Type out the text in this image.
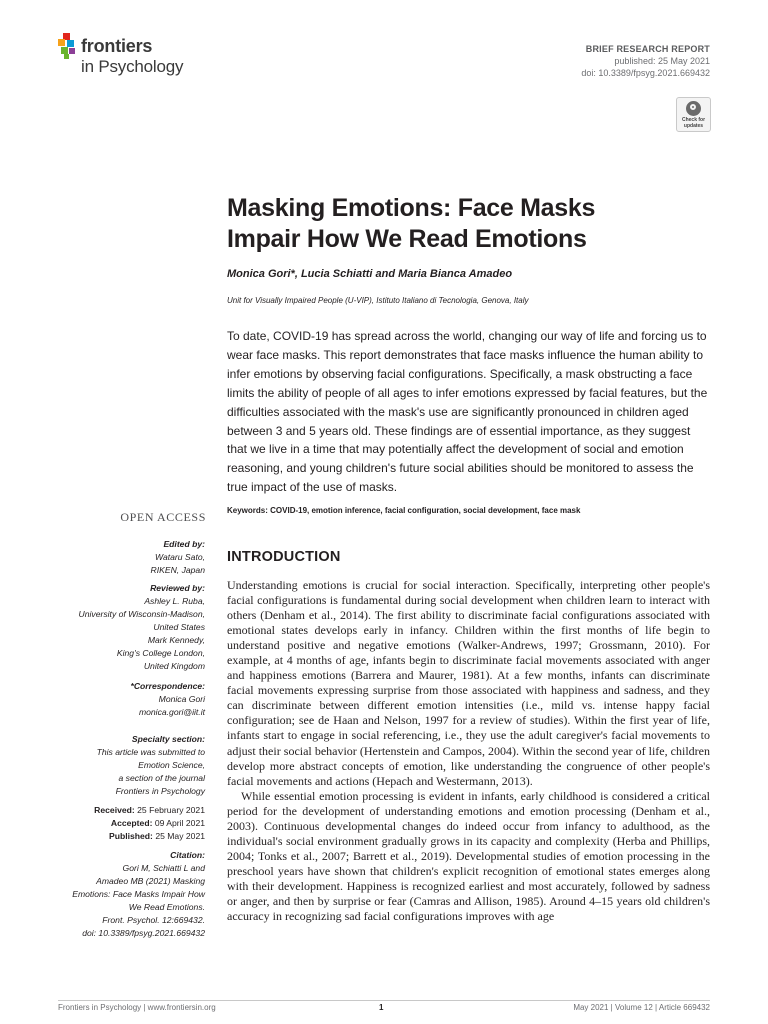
frontiers
in Psychology
BRIEF RESEARCH REPORT
published: 25 May 2021
doi: 10.3389/fpsyg.2021.669432
Check for updates
Masking Emotions: Face Masks
Impair How We Read Emotions
Monica Gori*, Lucia Schiatti and Maria Bianca Amadeo
Unit for Visually Impaired People (U-VIP), Istituto Italiano di Tecnologia, Genova, Italy
To date, COVID-19 has spread across the world, changing our way of life and forcing us to wear face masks. This report demonstrates that face masks influence the human ability to infer emotions by observing facial configurations. Specifically, a mask obstructing a face limits the ability of people of all ages to infer emotions expressed by facial features, but the difficulties associated with the mask's use are significantly pronounced in children aged between 3 and 5 years old. These findings are of essential importance, as they suggest that we live in a time that may potentially affect the development of social and emotion reasoning, and young children's future social abilities should be monitored to assess the true impact of the use of masks.
Keywords: COVID-19, emotion inference, facial configuration, social development, face mask
OPEN ACCESS
Edited by:
Wataru Sato,
RIKEN, Japan
Reviewed by:
Ashley L. Ruba,
University of Wisconsin-Madison,
United States
Mark Kennedy,
King's College London,
United Kingdom
*Correspondence:
Monica Gori
monica.gori@iit.it
Specialty section:
This article was submitted to
Emotion Science,
a section of the journal
Frontiers in Psychology
Received: 25 February 2021
Accepted: 09 April 2021
Published: 25 May 2021
Citation:
Gori M, Schiatti L and
Amadeo MB (2021) Masking
Emotions: Face Masks Impair How
We Read Emotions.
Front. Psychol. 12:669432.
doi: 10.3389/fpsyg.2021.669432
INTRODUCTION

Understanding emotions is crucial for social interaction. Specifically, interpreting other people's facial configurations is fundamental during social development when children learn to interact with others (Denham et al., 2014). The first ability to discriminate facial configurations associated with emotional states develops early in infancy. Children within the first months of life begin to understand positive and negative emotions (Walker-Andrews, 1997; Grossmann, 2010). For example, at 4 months of age, infants begin to discriminate facial movements associated with anger and happiness emotions (Barrera and Maurer, 1981). At a few months, infants can discriminate facial movements expressing surprise from those associated with happiness and sadness, and they can discriminate between different emotion intensities (i.e., mild vs. intense happy facial configuration; see de Haan and Nelson, 1997 for a review of studies). Within the first year of life, infants start to engage in social referencing, i.e., they use the adult caregiver's facial movements to adjust their social behavior (Hertenstein and Campos, 2004). Within the second year of life, children develop more abstract concepts of emotion, like understanding the congruence of other people's facial movements and actions (Hepach and Westermann, 2013).

While essential emotion processing is evident in infants, early childhood is considered a critical period for the development of understanding emotions and emotion processing (Denham et al., 2003). Continuous developmental changes do indeed occur from infancy to adulthood, as the individual's social environment gradually grows in its capacity and complexity (Herba and Phillips, 2004; Tonks et al., 2007; Barrett et al., 2019). Developmental studies of emotion processing in the preschool years have shown that children's explicit recognition of emotional states emerges along with their development. Happiness is recognized earliest and most accurately, followed by sadness or anger, and then by surprise or fear (Camras and Allison, 1985). Around 4–15 years old children's accuracy in recognizing sad facial configurations improves with age

Frontiers in Psychology | www.frontiersin.org	1	May 2021 | Volume 12 | Article 669432
